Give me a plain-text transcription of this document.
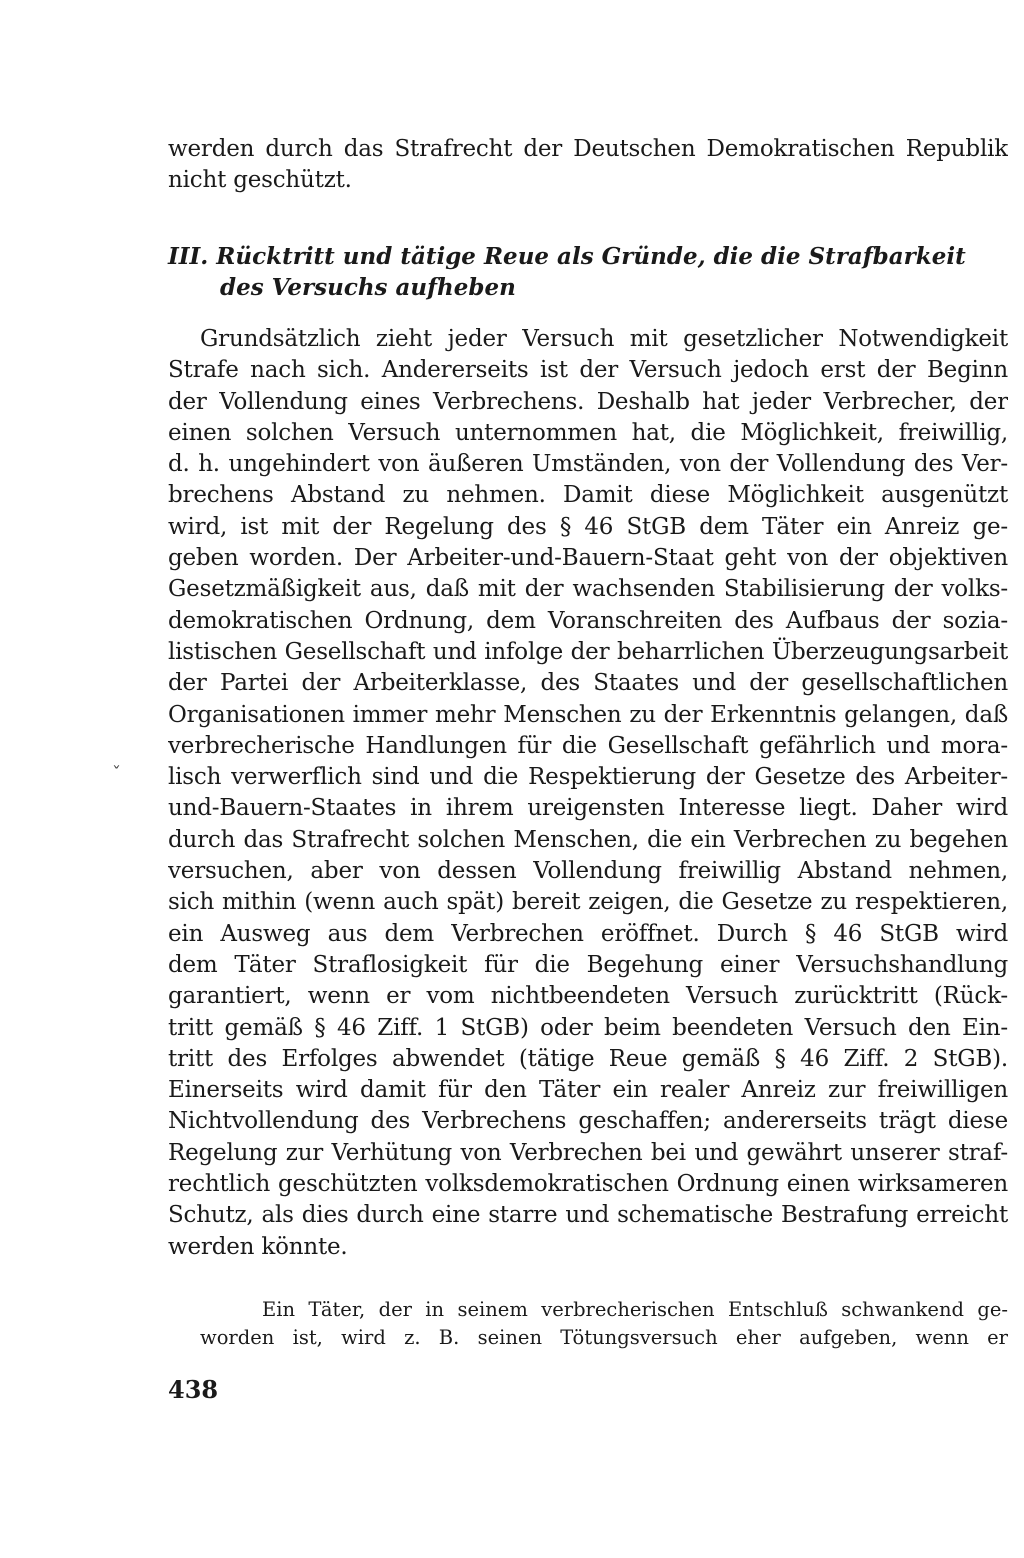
werden durch das Strafrecht der Deutschen Demokratischen Republik
nicht geschützt.
III. Rücktritt und tätige Reue als Gründe, die die Strafbarkeit
des Versuchs aufheben
Grundsätzlich zieht jeder Versuch mit gesetzlicher Notwendigkeit
Strafe nach sich. Andererseits ist der Versuch jedoch erst der Beginn
der Vollendung eines Verbrechens. Deshalb hat jeder Verbrecher, der
einen solchen Versuch unternommen hat, die Möglichkeit, freiwillig,
d. h. ungehindert von äußeren Umständen, von der Vollendung des Ver-
brechens Abstand zu nehmen. Damit diese Möglichkeit ausgenützt
wird, ist mit der Regelung des § 46 StGB dem Täter ein Anreiz ge-
geben worden. Der Arbeiter-und-Bauern-Staat geht von der objektiven
Gesetzmäßigkeit aus, daß mit der wachsenden Stabilisierung der volks-
demokratischen Ordnung, dem Voranschreiten des Aufbaus der sozia-
listischen Gesellschaft und infolge der beharrlichen Überzeugungsarbeit
der Partei der Arbeiterklasse, des Staates und der gesellschaftlichen
Organisationen immer mehr Menschen zu der Erkenntnis gelangen, daß
verbrecherische Handlungen für die Gesellschaft gefährlich und mora-
lisch verwerflich sind und die Respektierung der Gesetze des Arbeiter-
und-Bauern-Staates in ihrem ureigensten Interesse liegt. Daher wird
durch das Strafrecht solchen Menschen, die ein Verbrechen zu begehen
versuchen, aber von dessen Vollendung freiwillig Abstand nehmen,
sich mithin (wenn auch spät) bereit zeigen, die Gesetze zu respektieren,
ein Ausweg aus dem Verbrechen eröffnet. Durch § 46 StGB wird
dem Täter Straflosigkeit für die Begehung einer Versuchshandlung
garantiert, wenn er vom nichtbeendeten Versuch zurücktritt (Rück-
tritt gemäß § 46 Ziff. 1 StGB) oder beim beendeten Versuch den Ein-
tritt des Erfolges abwendet (tätige Reue gemäß § 46 Ziff. 2 StGB).
Einerseits wird damit für den Täter ein realer Anreiz zur freiwilligen
Nichtvollendung des Verbrechens geschaffen; andererseits trägt diese
Regelung zur Verhütung von Verbrechen bei und gewährt unserer straf-
rechtlich geschützten volksdemokratischen Ordnung einen wirksameren
Schutz, als dies durch eine starre und schematische Bestrafung erreicht
werden könnte.
˯
Ein Täter, der in seinem verbrecherischen Entschluß schwankend ge-
worden ist, wird z. B. seinen Tötungsversuch eher aufgeben, wenn er
438
